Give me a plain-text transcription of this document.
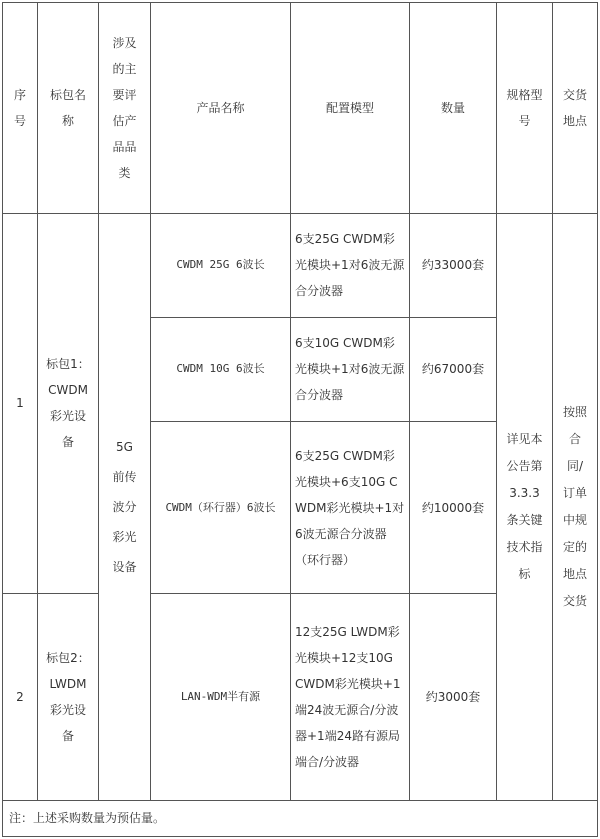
序号	标包名称	涉及的主要评估产品品类	产品名称	配置模型	数量	规格型号	交货地点
1	标包1：CWDM彩光设备	5G前传波分彩光设备	CWDM 25G 6波长	6支25G CWDM彩光模块+1对6波无源合分波器	约33000套	详见本公告第3.3.3条关键技术指标	按照合同/订单中规定的地点交货
			CWDM 10G 6波长	6支10G CWDM彩光模块+1对6波无源合分波器	约67000套		
			CWDM（环行器）6波长	6支25G CWDM彩光模块+6支10G CWDM彩光模块+1对6波无源合分波器（环行器）	约10000套		
2	标包2：LWDM彩光设备		LAN-WDM半有源	12支25G LWDM彩光模块+12支10G CWDM彩光模块+1端24波无源合/分波器+1端24路有源局端合/分波器	约3000套		
注：上述采购数量为预估量。							
